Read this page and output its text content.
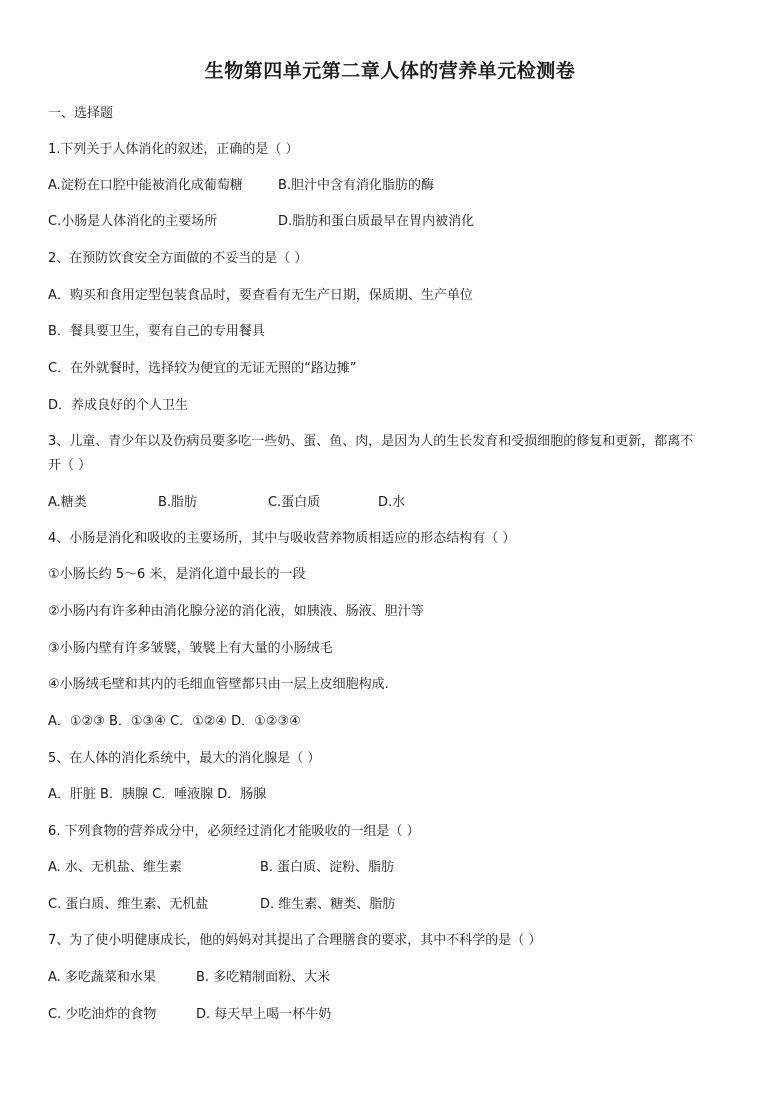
生物第四单元第二章人体的营养单元检测卷
一、选择题
1.下列关于人体消化的叙述，正确的是（ ）
A.淀粉在口腔中能被消化成葡萄糖	B.胆汁中含有消化脂肪的酶
C.小肠是人体消化的主要场所	D.脂肪和蛋白质最早在胃内被消化
2、在预防饮食安全方面做的不妥当的是（ ）
A．购买和食用定型包装食品时，要查看有无生产日期，保质期、生产单位
B．餐具要卫生，要有自己的专用餐具
C．在外就餐时，选择较为便宜的无证无照的“路边摊”
D．养成良好的个人卫生
3、儿童、青少年以及伤病员要多吃一些奶、蛋、鱼、肉，是因为人的生长发育和受损细胞的修复和更新，都离不
开（ ）
A.糖类	B.脂肪	C.蛋白质	D.水
4、小肠是消化和吸收的主要场所，其中与吸收营养物质相适应的形态结构有（ ）
①小肠长约 5～6 米，是消化道中最长的一段
②小肠内有许多种由消化腺分泌的消化液，如胰液、肠液、胆汁等
③小肠内壁有许多皱襞，皱襞上有大量的小肠绒毛
④小肠绒毛壁和其内的毛细血管壁都只由一层上皮细胞构成.
A．①②③ B．①③④ C．①②④ D．①②③④
5、在人体的消化系统中，最大的消化腺是（ ）
A．肝脏 B．胰腺 C．唾液腺 D．肠腺
6. 下列食物的营养成分中，必须经过消化才能吸收的一组是（ ）
A. 水、无机盐、维生素	B. 蛋白质、淀粉、脂肪
C. 蛋白质、维生素、无机盐	D. 维生素、糖类、脂肪
7、为了使小明健康成长，他的妈妈对其提出了合理膳食的要求，其中不科学的是（ ）
A. 多吃蔬菜和水果	B. 多吃精制面粉、大米
C. 少吃油炸的食物	D. 每天早上喝一杯牛奶
